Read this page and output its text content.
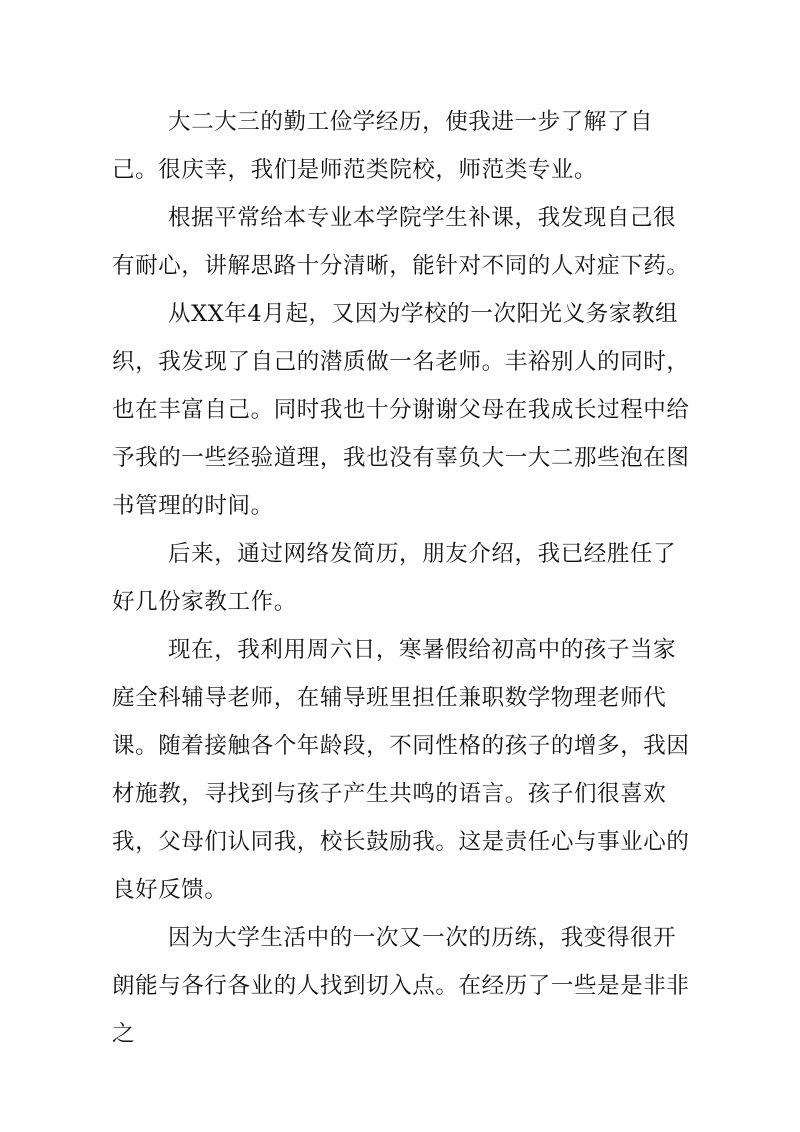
大二大三的勤工俭学经历，使我进一步了解了自己。很庆幸，我们是师范类院校，师范类专业。

根据平常给本专业本学院学生补课，我发现自己很有耐心，讲解思路十分清晰，能针对不同的人对症下药。

从XX年4月起，又因为学校的一次阳光义务家教组织，我发现了自己的潜质做一名老师。丰裕别人的同时，也在丰富自己。同时我也十分谢谢父母在我成长过程中给予我的一些经验道理，我也没有辜负大一大二那些泡在图书管理的时间。

后来，通过网络发简历，朋友介绍，我已经胜任了好几份家教工作。

现在，我利用周六日，寒暑假给初高中的孩子当家庭全科辅导老师，在辅导班里担任兼职数学物理老师代课。随着接触各个年龄段，不同性格的孩子的增多，我因材施教，寻找到与孩子产生共鸣的语言。孩子们很喜欢我，父母们认同我，校长鼓励我。这是责任心与事业心的良好反馈。

因为大学生活中的一次又一次的历练，我变得很开朗能与各行各业的人找到切入点。在经历了一些是是非非之
